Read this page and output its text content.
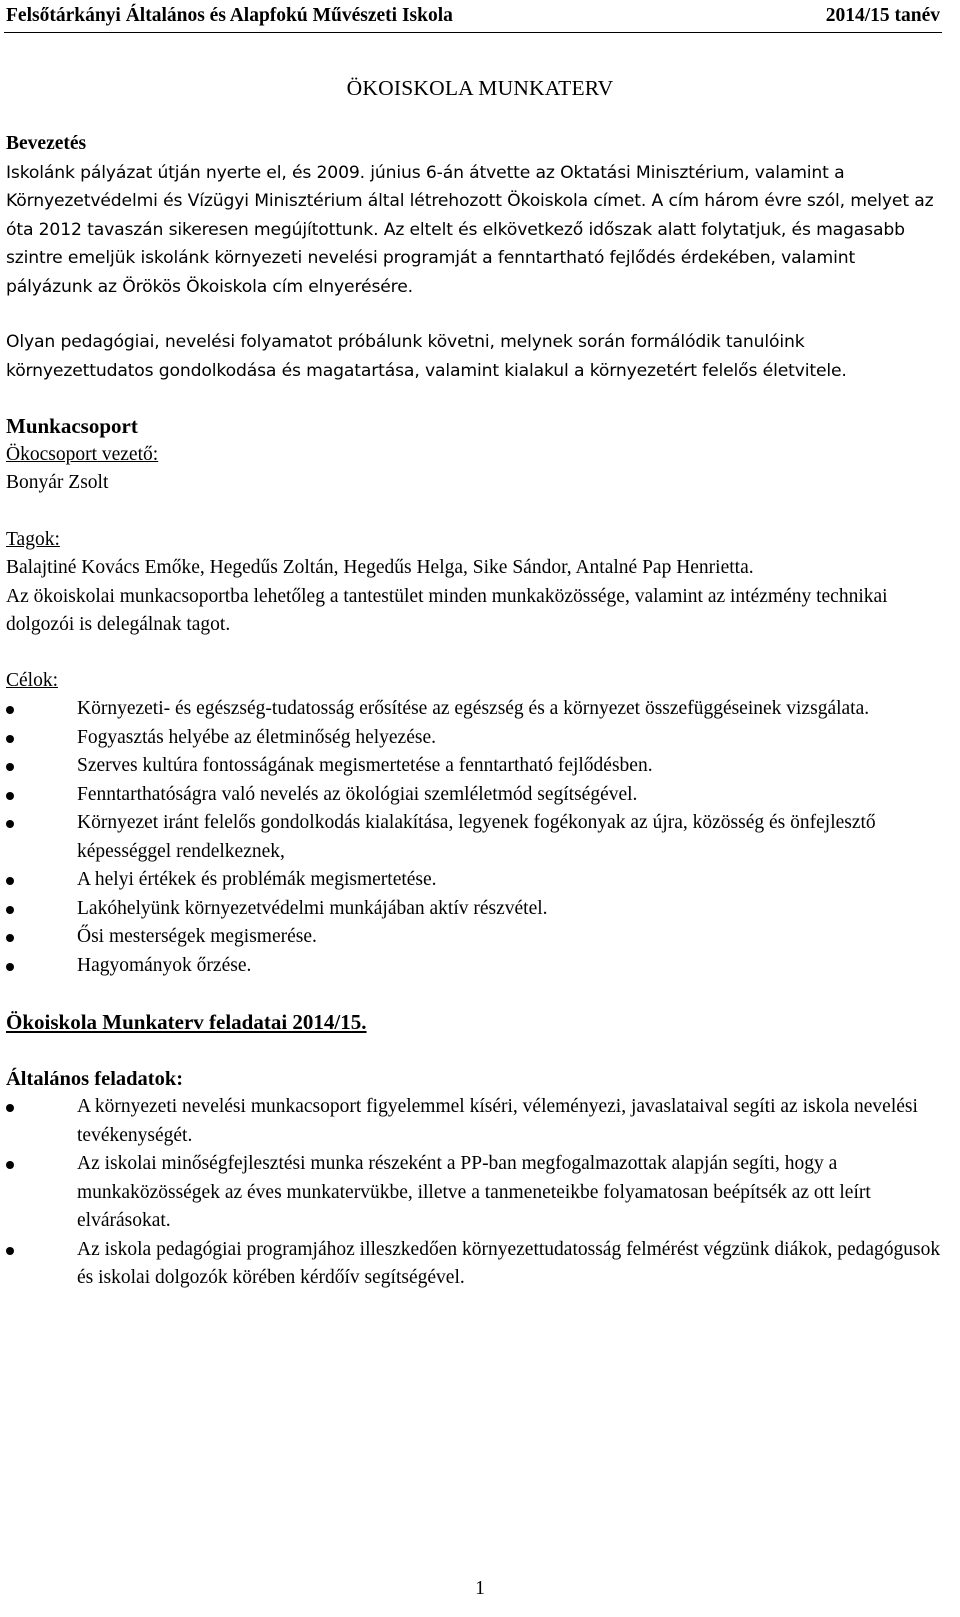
Felsőtárkányi Általános és Alapfokú Művészeti Iskola	2014/15 tanév
ÖKOISKOLA MUNKATERV

Bevezetés

Iskolánk pályázat útján nyerte el, és 2009. június 6-án átvette az Oktatási Minisztérium, valamint a Környezetvédelmi és Vízügyi Minisztérium által létrehozott Ökoiskola címet. A cím három évre szól, melyet az óta 2012 tavaszán sikeresen megújítottunk. Az eltelt és elkövetkező időszak alatt folytatjuk, és magasabb szintre emeljük iskolánk környezeti nevelési programját a fenntartható fejlődés érdekében, valamint pályázunk az Örökös Ökoiskola cím elnyerésére.

Olyan pedagógiai, nevelési folyamatot próbálunk követni, melynek során formálódik tanulóink környezettudatos gondolkodása és magatartása, valamint kialakul a környezetért felelős életvitele.

Munkacsoport

Ökocsoport vezető:

Bonyár Zsolt

Tagok:

Balajtiné Kovács Emőke, Hegedűs Zoltán, Hegedűs Helga, Sike Sándor, Antalné Pap Henrietta.

Az ökoiskolai munkacsoportba lehetőleg a tantestület minden munkaközössége, valamint az intézmény technikai dolgozói is delegálnak tagot.

Célok:

Környezeti- és egészség-tudatosság erősítése az egészség és a környezet összefüggéseinek vizsgálata.
Fogyasztás helyébe az életminőség helyezése.
Szerves kultúra fontosságának megismertetése a fenntartható fejlődésben.
Fenntarthatóságra való nevelés az ökológiai szemléletmód segítségével.
Környezet iránt felelős gondolkodás kialakítása, legyenek fogékonyak az újra, közösség és önfejlesztő képességgel rendelkeznek,
A helyi értékek és problémák megismertetése.
Lakóhelyünk környezetvédelmi munkájában aktív részvétel.
Ősi mesterségek megismerése.
Hagyományok őrzése.

Ökoiskola Munkaterv feladatai 2014/15.

Általános feladatok:

A környezeti nevelési munkacsoport figyelemmel kíséri, véleményezi, javaslataival segíti az iskola nevelési tevékenységét.
Az iskolai minőségfejlesztési munka részeként a PP-ban megfogalmazottak alapján segíti, hogy a munkaközösségek az éves munkatervükbe, illetve a tanmeneteikbe folyamatosan beépítsék az ott leírt elvárásokat.
Az iskola pedagógiai programjához illeszkedően környezettudatosság felmérést végzünk diákok, pedagógusok és iskolai dolgozók körében kérdőív segítségével.
1
